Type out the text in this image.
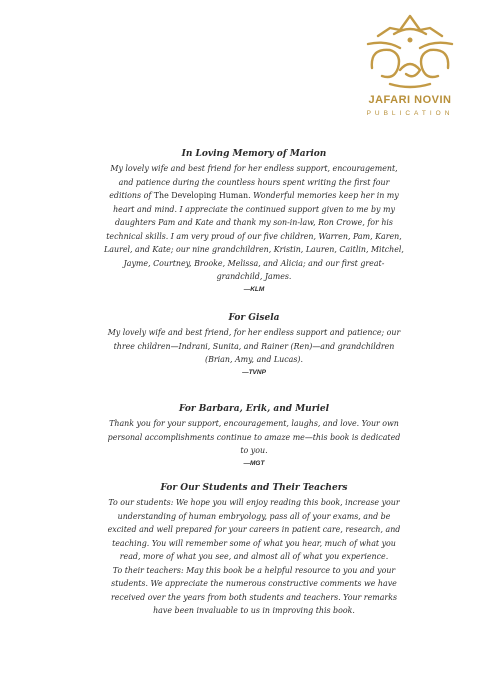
JAFARI NOVIN
PUBLICATION
In Loving Memory of Marion
My lovely wife and best friend for her endless support, encouragement, and patience during the countless hours spent writing the first four editions of The Developing Human. Wonderful memories keep her in my heart and mind. I appreciate the continued support given to me by my daughters Pam and Kate and thank my son-in-law, Ron Crowe, for his technical skills. I am very proud of our five children, Warren, Pam, Karen, Laurel, and Kate; our nine grandchildren, Kristin, Lauren, Caitlin, Mitchel, Jayme, Courtney, Brooke, Melissa, and Alicia; and our first great-grandchild, James.
—KLM
For Gisela
My lovely wife and best friend, for her endless support and patience; our three children—Indrani, Sunita, and Rainer (Ren)—and grandchildren (Brian, Amy, and Lucas).
—TVNP
For Barbara, Erik, and Muriel
Thank you for your support, encouragement, laughs, and love. Your own personal accomplishments continue to amaze me—this book is dedicated to you.
—MGT
For Our Students and Their Teachers
To our students: We hope you will enjoy reading this book, increase your understanding of human embryology, pass all of your exams, and be excited and well prepared for your careers in patient care, research, and teaching. You will remember some of what you hear, much of what you read, more of what you see, and almost all of what you experience.
To their teachers: May this book be a helpful resource to you and your students. We appreciate the numerous constructive comments we have received over the years from both students and teachers. Your remarks have been invaluable to us in improving this book.
